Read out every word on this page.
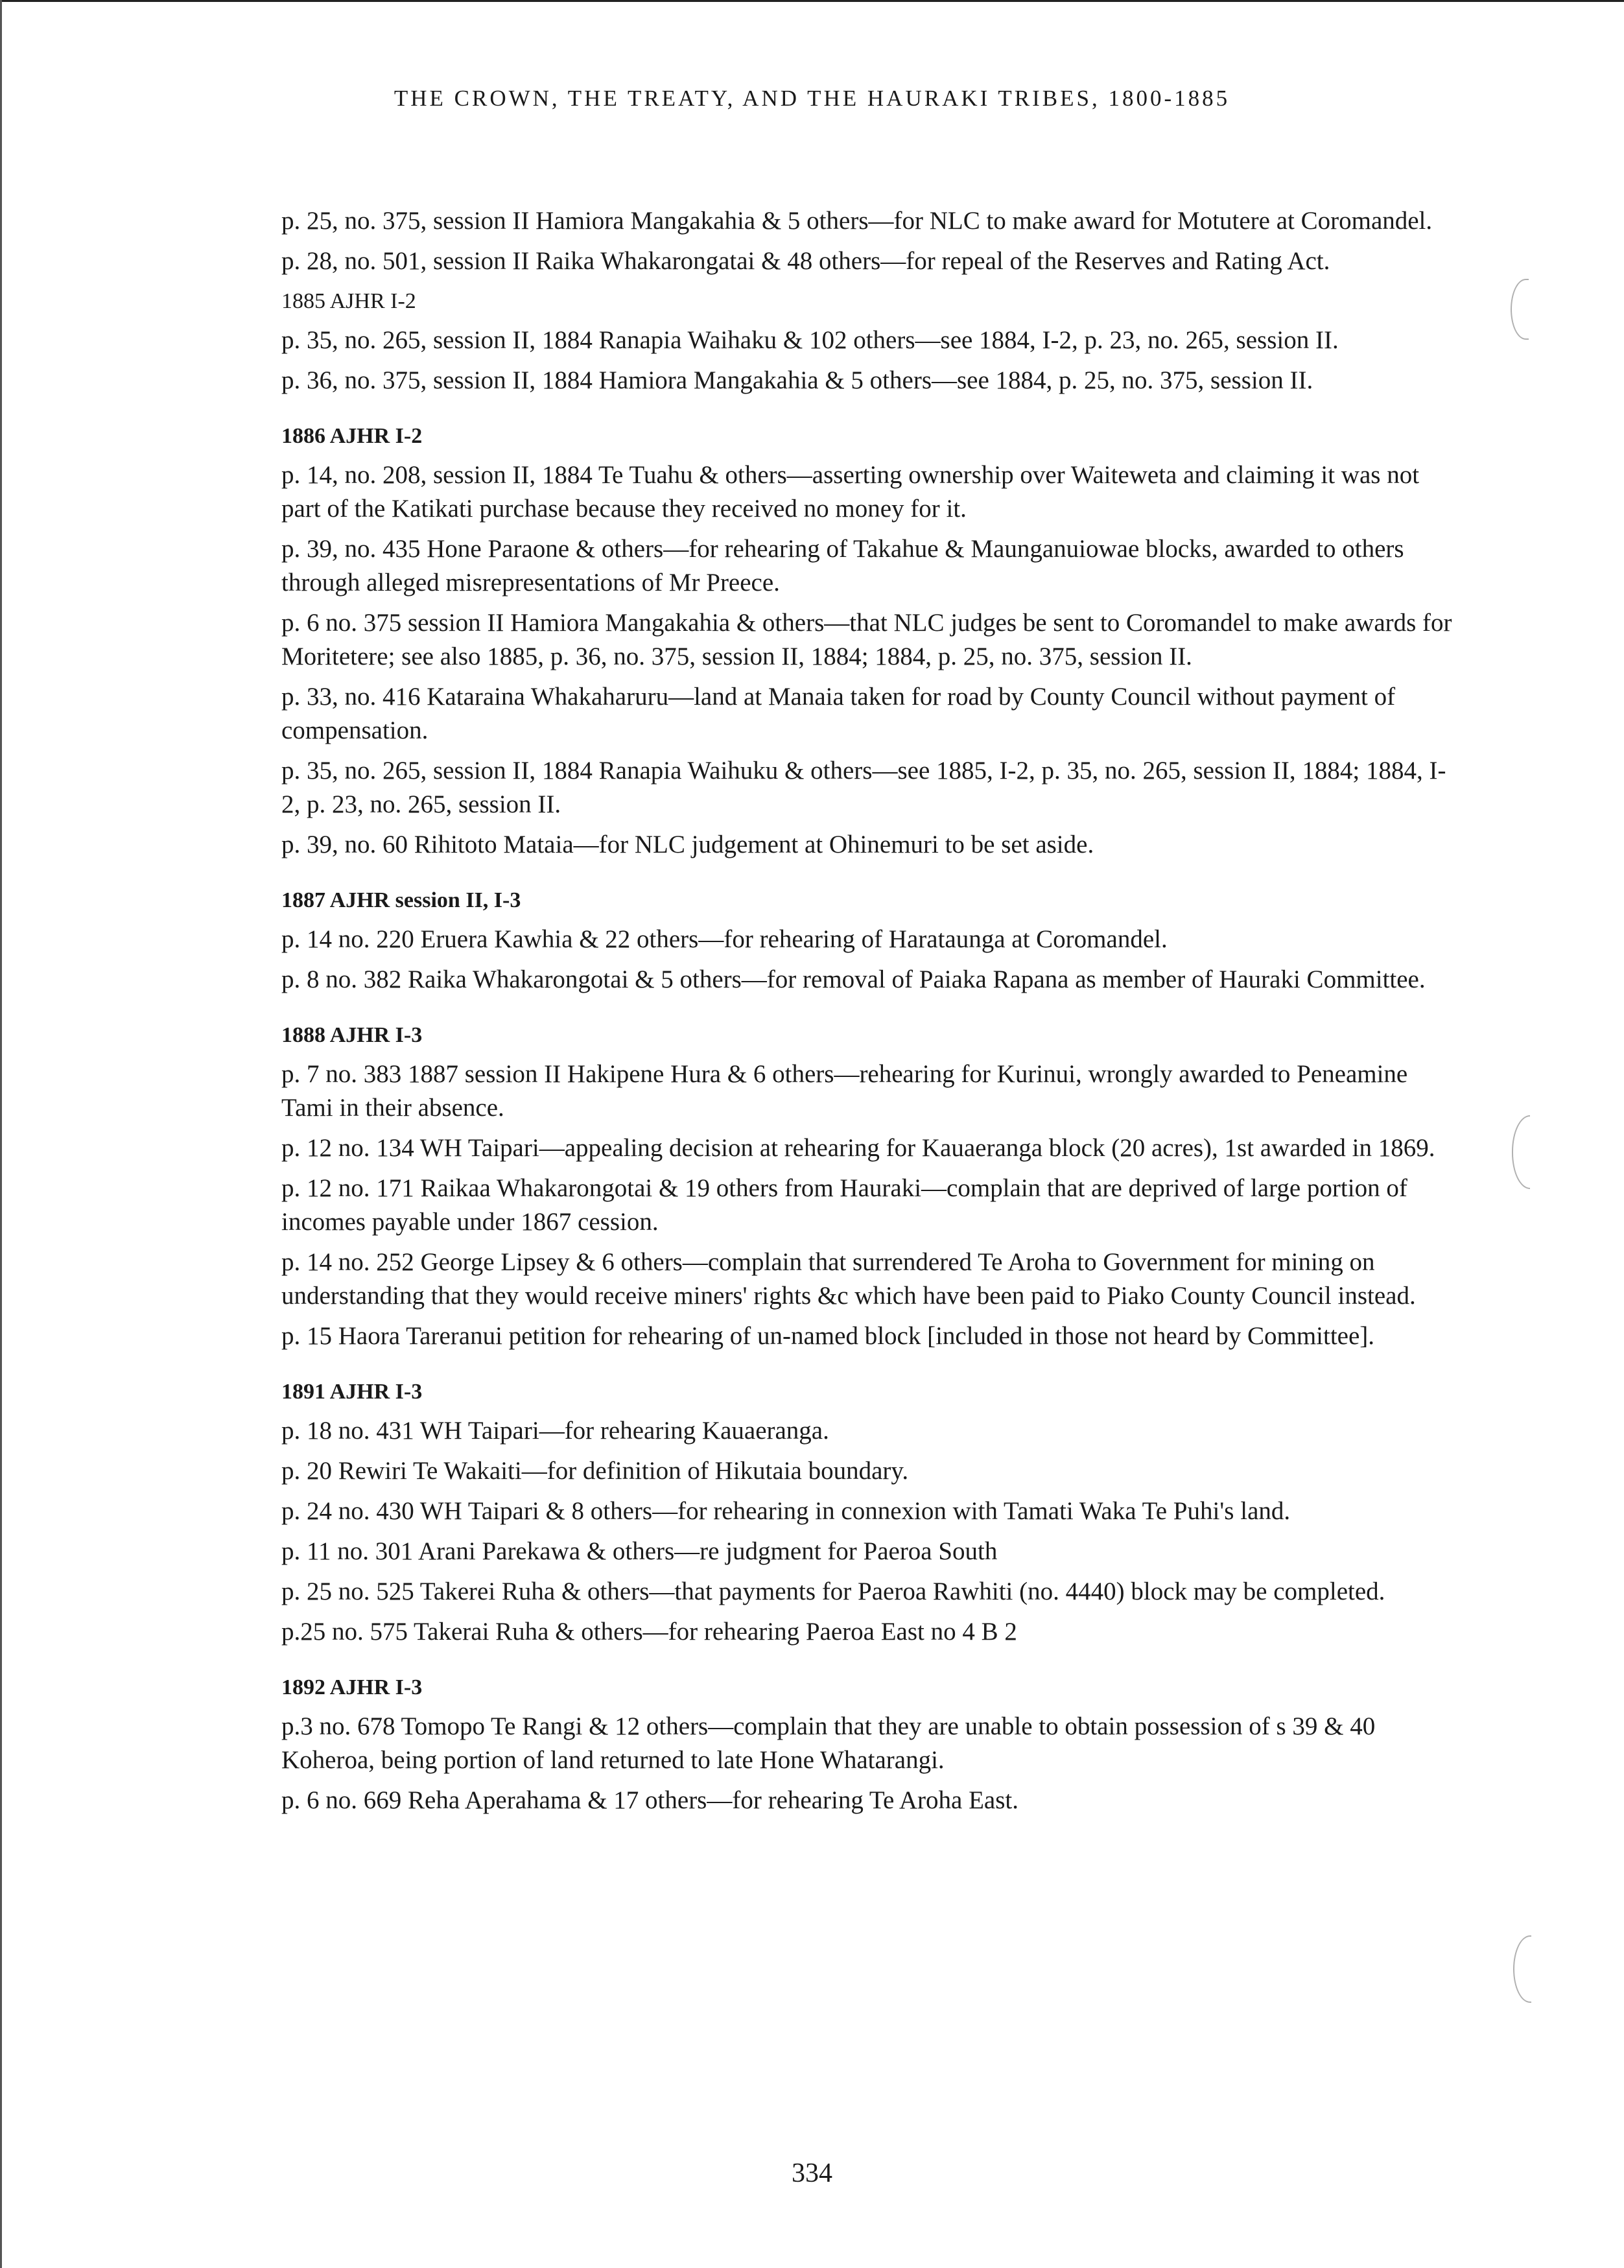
THE CROWN, THE TREATY, AND THE HAURAKI TRIBES, 1800-1885

p. 25, no. 375, session II Hamiora Mangakahia & 5 others—for NLC to make award for Motutere at Coromandel.

p. 28, no. 501, session II Raika Whakarongatai & 48 others—for repeal of the Reserves and Rating Act.

1885 AJHR I-2

p. 35, no. 265, session II, 1884 Ranapia Waihaku & 102 others—see 1884, I-2, p. 23, no. 265, session II.

p. 36, no. 375, session II, 1884 Hamiora Mangakahia & 5 others—see 1884, p. 25, no. 375, session II.

1886 AJHR I-2

p. 14, no. 208, session II, 1884 Te Tuahu & others—asserting ownership over Waiteweta and claiming it was not part of the Katikati purchase because they received no money for it.

p. 39, no. 435 Hone Paraone & others—for rehearing of Takahue & Maunganuiowae blocks, awarded to others through alleged misrepresentations of Mr Preece.

p. 6 no. 375 session II Hamiora Mangakahia & others—that NLC judges be sent to Coromandel to make awards for Moritetere; see also 1885, p. 36, no. 375, session II, 1884; 1884, p. 25, no. 375, session II.

p. 33, no. 416 Kataraina Whakaharuru—land at Manaia taken for road by County Council without payment of compensation.

p. 35, no. 265, session II, 1884 Ranapia Waihuku & others—see 1885, I-2, p. 35, no. 265, session II, 1884; 1884, I-2, p. 23, no. 265, session II.

p. 39, no. 60 Rihitoto Mataia—for NLC judgement at Ohinemuri to be set aside.

1887 AJHR session II, I-3

p. 14 no. 220 Eruera Kawhia & 22 others—for rehearing of Harataunga at Coromandel.

p. 8 no. 382 Raika Whakarongotai & 5 others—for removal of Paiaka Rapana as member of Hauraki Committee.

1888 AJHR I-3

p. 7 no. 383 1887 session II Hakipene Hura & 6 others—rehearing for Kurinui, wrongly awarded to Peneamine Tami in their absence.

p. 12 no. 134 WH Taipari—appealing decision at rehearing for Kauaeranga block (20 acres), 1st awarded in 1869.

p. 12 no. 171 Raikaa Whakarongotai & 19 others from Hauraki—complain that are deprived of large portion of incomes payable under 1867 cession.

p. 14 no. 252 George Lipsey & 6 others—complain that surrendered Te Aroha to Government for mining on understanding that they would receive miners' rights &c which have been paid to Piako County Council instead.

p. 15 Haora Tareranui petition for rehearing of un-named block [included in those not heard by Committee].

1891 AJHR I-3

p. 18 no. 431 WH Taipari—for rehearing Kauaeranga.

p. 20 Rewiri Te Wakaiti—for definition of Hikutaia boundary.

p. 24 no. 430 WH Taipari & 8 others—for rehearing in connexion with Tamati Waka Te Puhi's land.

p. 11 no. 301 Arani Parekawa & others—re judgment for Paeroa South

p. 25 no. 525 Takerei Ruha & others—that payments for Paeroa Rawhiti (no. 4440) block may be completed.

p.25 no. 575 Takerai Ruha & others—for rehearing Paeroa East no 4 B 2

1892 AJHR I-3

p.3 no. 678 Tomopo Te Rangi & 12 others—complain that they are unable to obtain possession of s 39 & 40 Koheroa, being portion of land returned to late Hone Whatarangi.

p. 6 no. 669 Reha Aperahama & 17 others—for rehearing Te Aroha East.

334
